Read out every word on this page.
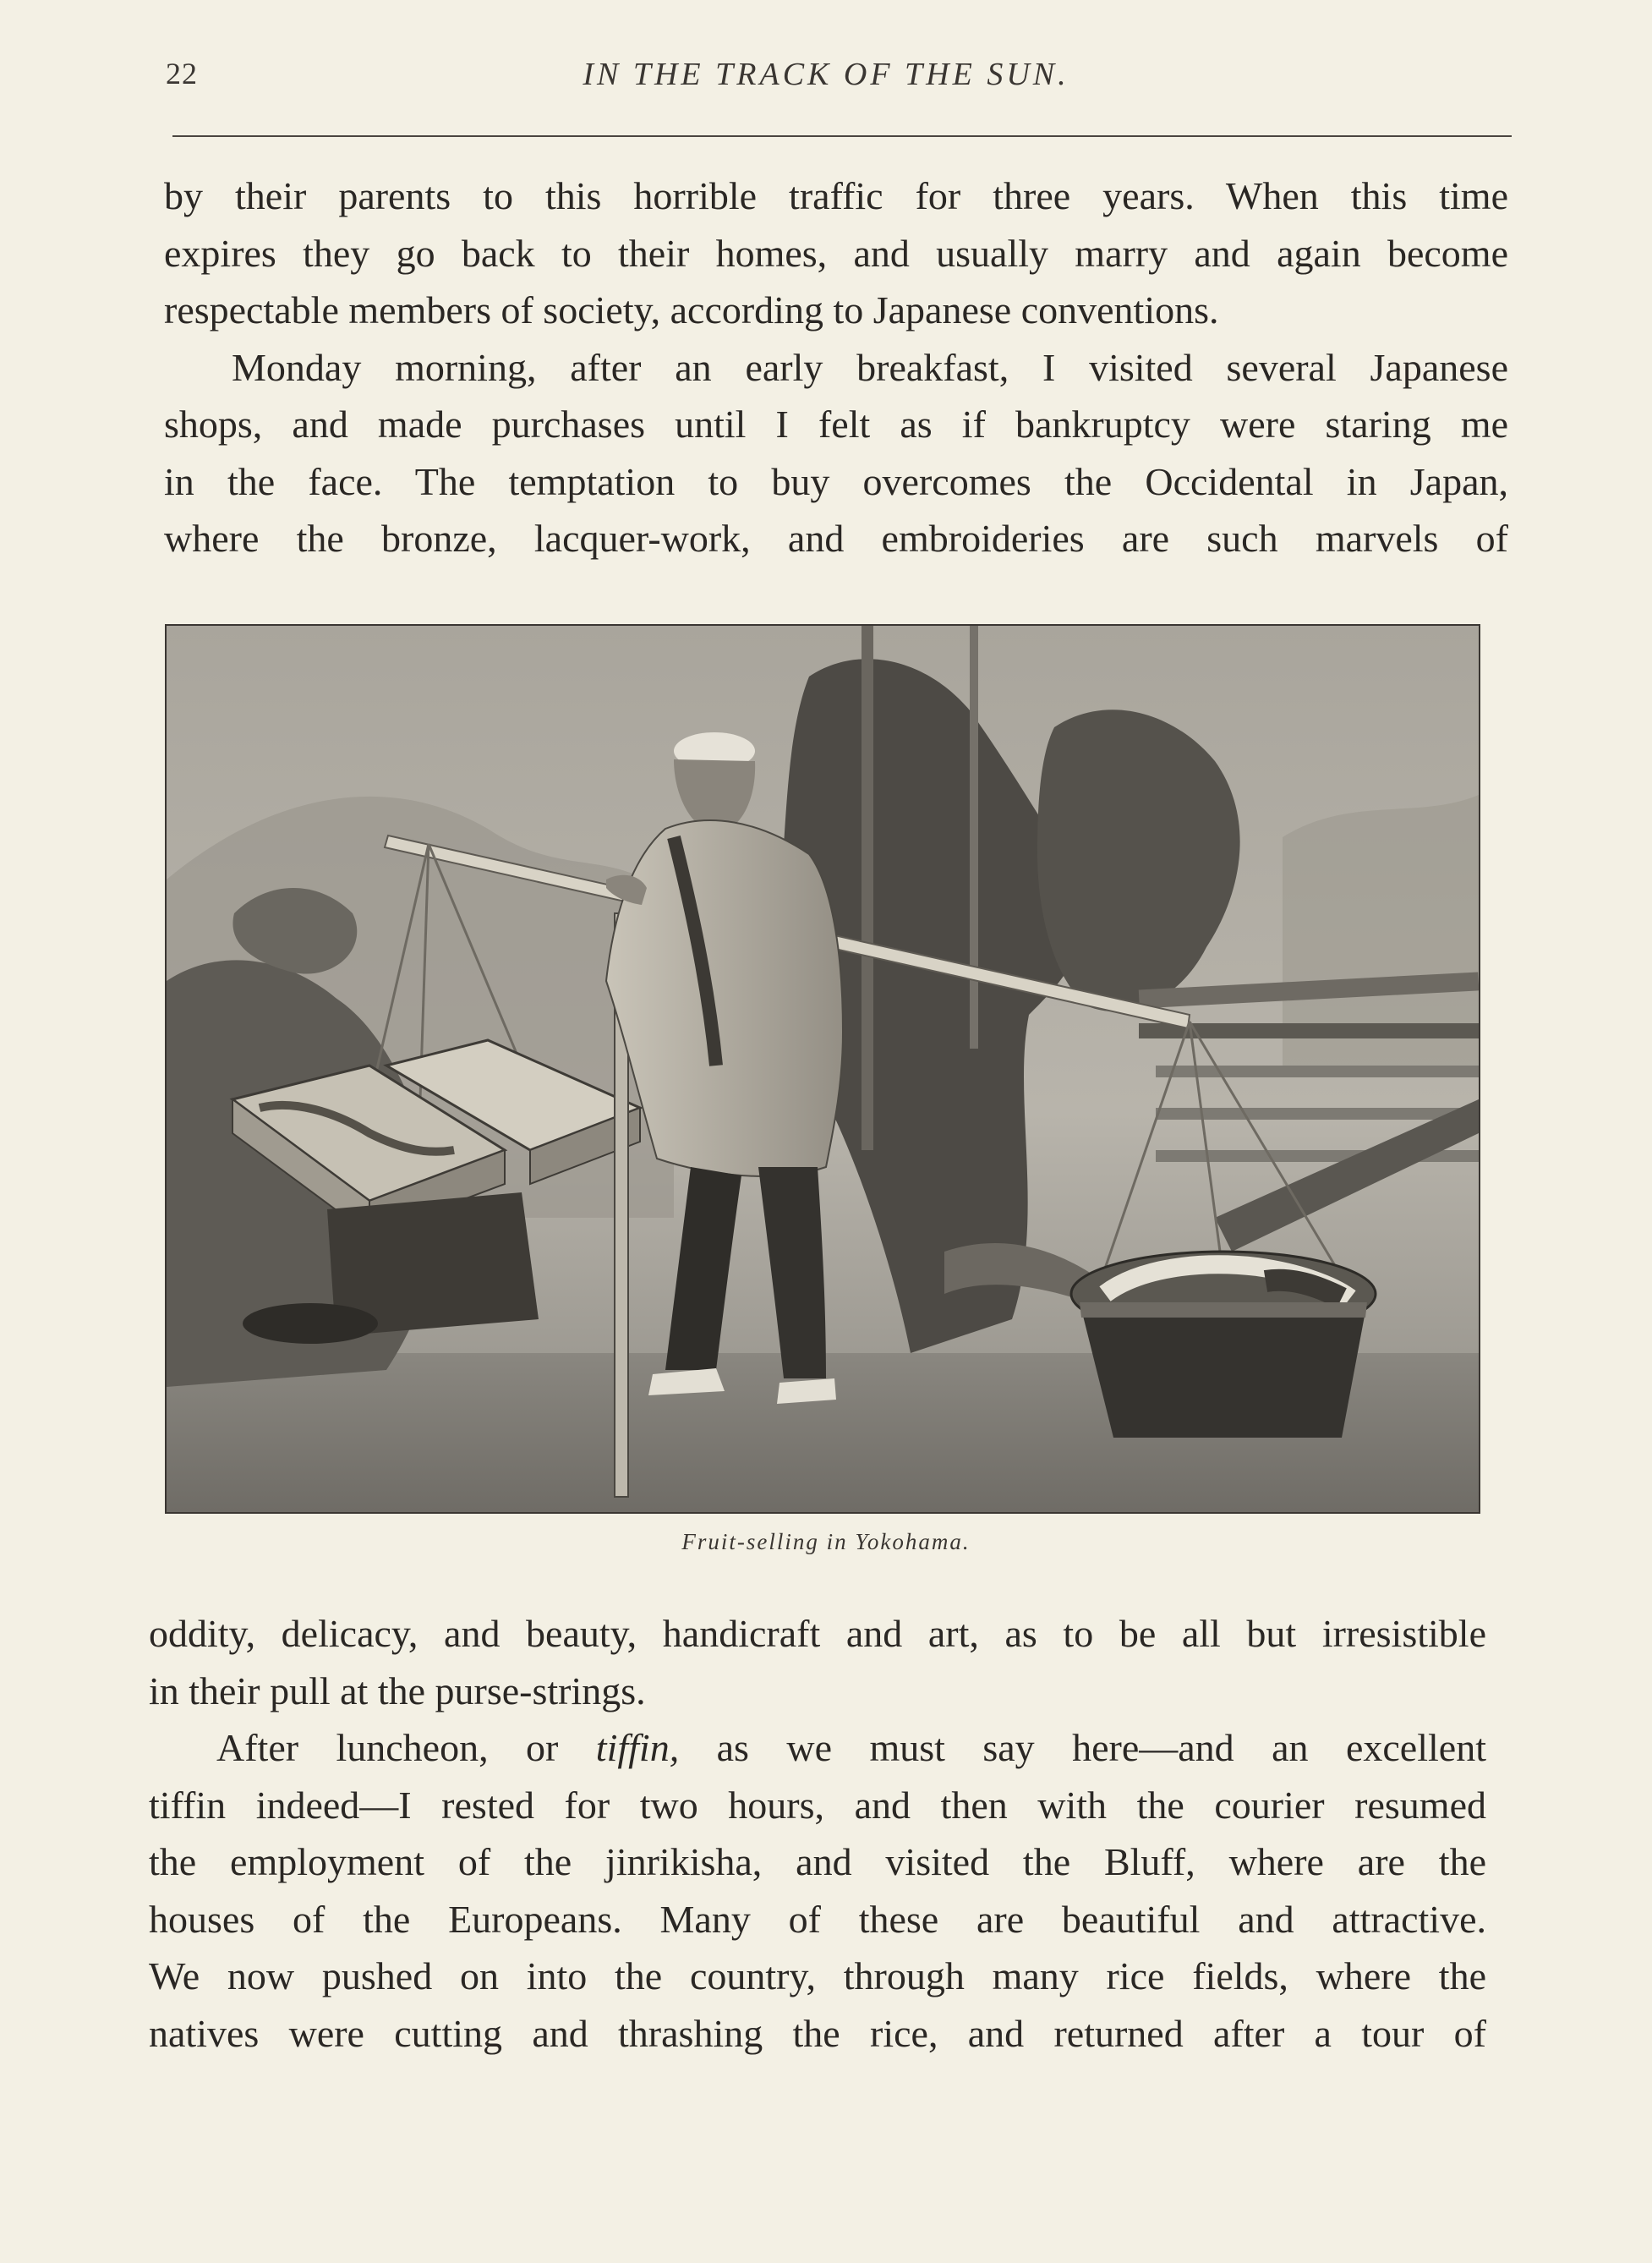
22	IN THE TRACK OF THE SUN.
by their parents to this horrible traffic for three years. When this time
expires they go back to their homes, and usually marry and again become
respectable members of society, according to Japanese conventions.
Monday morning, after an early breakfast, I visited several Japanese
shops, and made purchases until I felt as if bankruptcy were staring me
in the face. The temptation to buy overcomes the Occidental in Japan,
where the bronze, lacquer-work, and embroideries are such marvels of
Fruit-selling in Yokohama.
oddity, delicacy, and beauty, handicraft and art, as to be all but irresistible
in their pull at the purse-strings.
After luncheon, or tiffin, as we must say here—and an excellent
tiffin indeed—I rested for two hours, and then with the courier resumed
the employment of the jinrikisha, and visited the Bluff, where are the
houses of the Europeans. Many of these are beautiful and attractive.
We now pushed on into the country, through many rice fields, where the
natives were cutting and thrashing the rice, and returned after a tour of
